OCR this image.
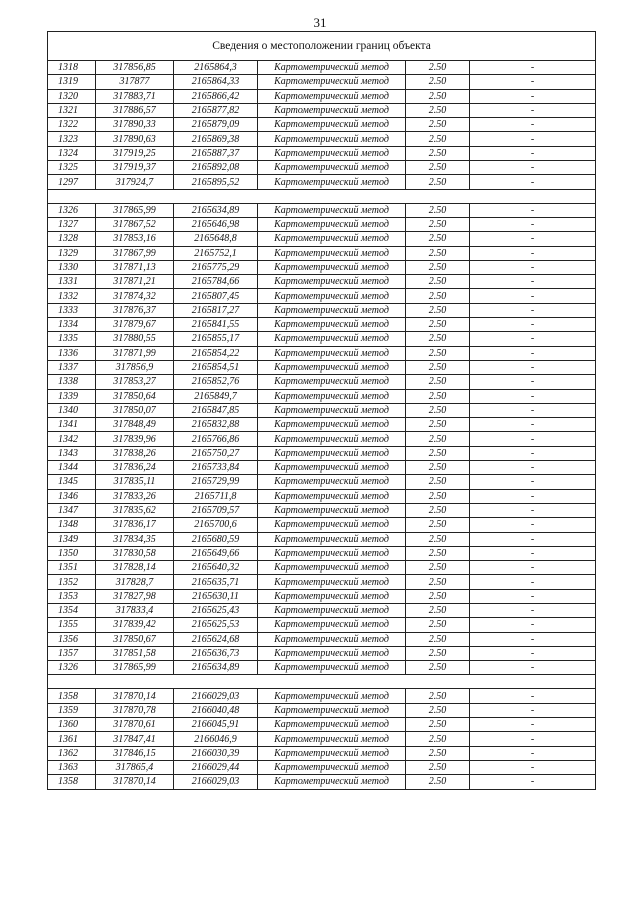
31
Сведения о местоположении границ объекта					
1318	317856,85	2165864,3	Картометрический метод	2.50	-
1319	317877	2165864,33	Картометрический метод	2.50	-
1320	317883,71	2165866,42	Картометрический метод	2.50	-
1321	317886,57	2165877,82	Картометрический метод	2.50	-
1322	317890,33	2165879,09	Картометрический метод	2.50	-
1323	317890,63	2165869,38	Картометрический метод	2.50	-
1324	317919,25	2165887,37	Картометрический метод	2.50	-
1325	317919,37	2165892,08	Картометрический метод	2.50	-
1297	317924,7	2165895,52	Картометрический метод	2.50	-

1326	317865,99	2165634,89	Картометрический метод	2.50	-
1327	317867,52	2165646,98	Картометрический метод	2.50	-
1328	317853,16	2165648,8	Картометрический метод	2.50	-
1329	317867,99	2165752,1	Картометрический метод	2.50	-
1330	317871,13	2165775,29	Картометрический метод	2.50	-
1331	317871,21	2165784,66	Картометрический метод	2.50	-
1332	317874,32	2165807,45	Картометрический метод	2.50	-
1333	317876,37	2165817,27	Картометрический метод	2.50	-
1334	317879,67	2165841,55	Картометрический метод	2.50	-
1335	317880,55	2165855,17	Картометрический метод	2.50	-
1336	317871,99	2165854,22	Картометрический метод	2.50	-
1337	317856,9	2165854,51	Картометрический метод	2.50	-
1338	317853,27	2165852,76	Картометрический метод	2.50	-
1339	317850,64	2165849,7	Картометрический метод	2.50	-
1340	317850,07	2165847,85	Картометрический метод	2.50	-
1341	317848,49	2165832,88	Картометрический метод	2.50	-
1342	317839,96	2165766,86	Картометрический метод	2.50	-
1343	317838,26	2165750,27	Картометрический метод	2.50	-
1344	317836,24	2165733,84	Картометрический метод	2.50	-
1345	317835,11	2165729,99	Картометрический метод	2.50	-
1346	317833,26	2165711,8	Картометрический метод	2.50	-
1347	317835,62	2165709,57	Картометрический метод	2.50	-
1348	317836,17	2165700,6	Картометрический метод	2.50	-
1349	317834,35	2165680,59	Картометрический метод	2.50	-
1350	317830,58	2165649,66	Картометрический метод	2.50	-
1351	317828,14	2165640,32	Картометрический метод	2.50	-
1352	317828,7	2165635,71	Картометрический метод	2.50	-
1353	317827,98	2165630,11	Картометрический метод	2.50	-
1354	317833,4	2165625,43	Картометрический метод	2.50	-
1355	317839,42	2165625,53	Картометрический метод	2.50	-
1356	317850,67	2165624,68	Картометрический метод	2.50	-
1357	317851,58	2165636,73	Картометрический метод	2.50	-
1326	317865,99	2165634,89	Картометрический метод	2.50	-

1358	317870,14	2166029,03	Картометрический метод	2.50	-
1359	317870,78	2166040,48	Картометрический метод	2.50	-
1360	317870,61	2166045,91	Картометрический метод	2.50	-
1361	317847,41	2166046,9	Картометрический метод	2.50	-
1362	317846,15	2166030,39	Картометрический метод	2.50	-
1363	317865,4	2166029,44	Картометрический метод	2.50	-
1358	317870,14	2166029,03	Картометрический метод	2.50	-
